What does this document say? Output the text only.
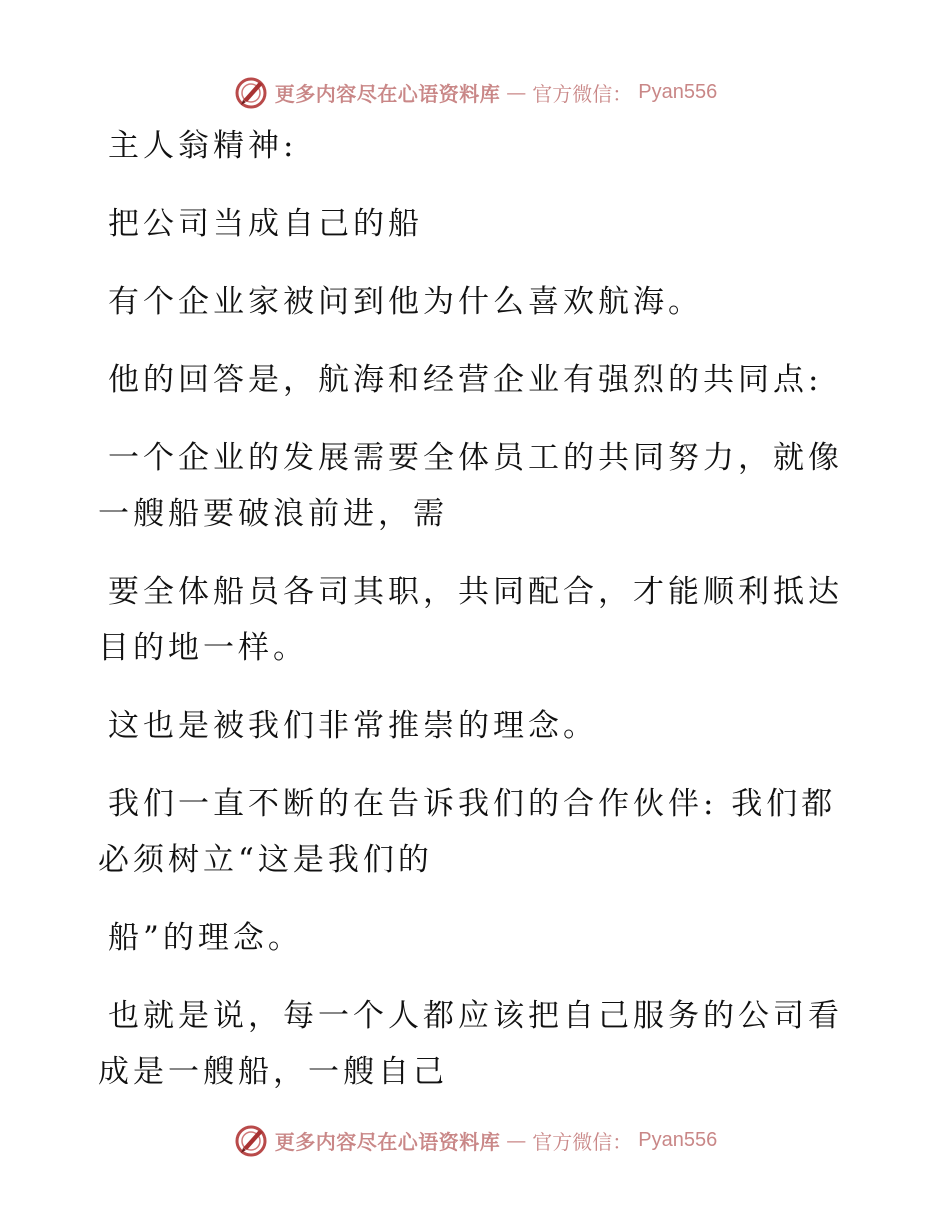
更多内容尽在心语资料库 — 官方微信： Pyan556
主人翁精神:
把公司当成自己的船
有个企业家被问到他为什么喜欢航海。
他的回答是，航海和经营企业有强烈的共同点:
一个企业的发展需要全体员工的共同努力，就像
一艘船要破浪前进，需
要全体船员各司其职，共同配合，才能顺利抵达
目的地一样。
这也是被我们非常推崇的理念。
我们一直不断的在告诉我们的合作伙伴: 我们都
必须树立“这是我们的
船”的理念。
也就是说，每一个人都应该把自己服务的公司看
成是一艘船，一艘自己
更多内容尽在心语资料库 — 官方微信： Pyan556
